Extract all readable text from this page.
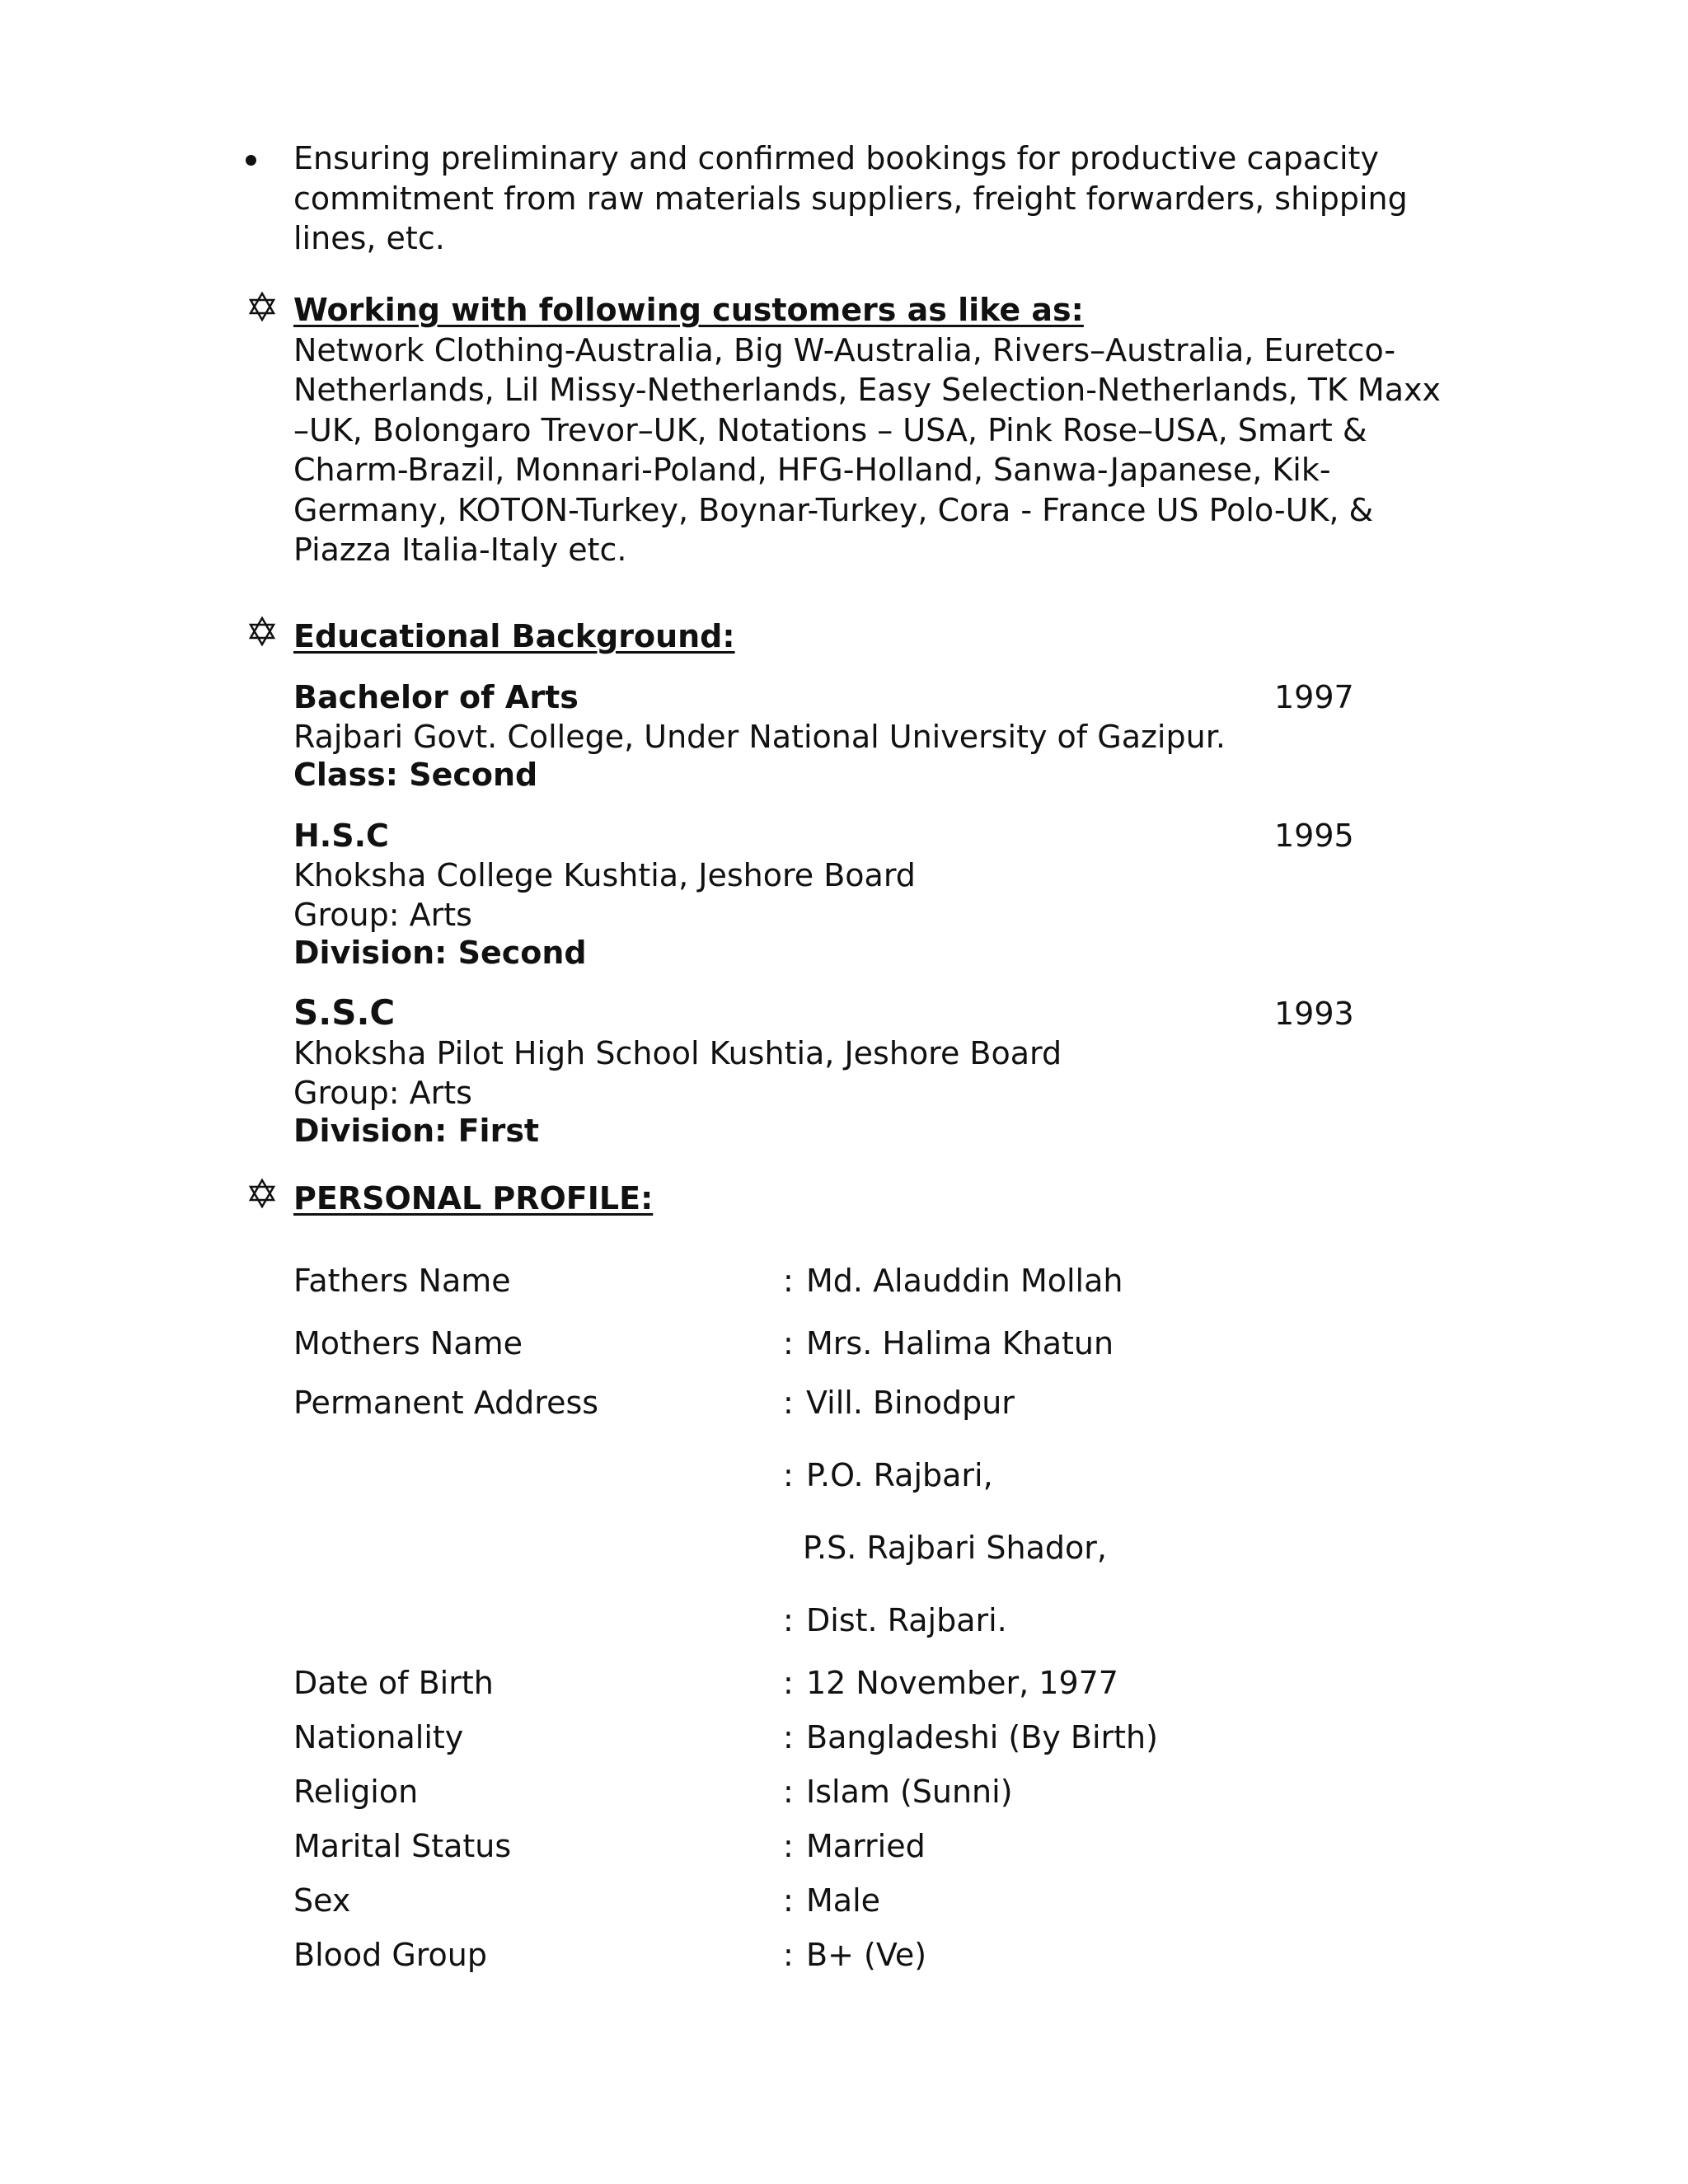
Ensuring preliminary and confirmed bookings for productive capacity
commitment from raw materials suppliers, freight forwarders, shipping
lines, etc.
Working with following customers as like as:
Network Clothing-Australia, Big W-Australia, Rivers–Australia, Euretco-
Netherlands, Lil Missy-Netherlands, Easy Selection-Netherlands, TK Maxx
–UK, Bolongaro Trevor–UK, Notations – USA, Pink Rose–USA, Smart &
Charm-Brazil, Monnari-Poland, HFG-Holland, Sanwa-Japanese, Kik-
Germany, KOTON-Turkey, Boynar-Turkey, Cora - France US Polo-UK, &
Piazza Italia-Italy etc.
Educational Background:
Bachelor of Arts	1997
Rajbari Govt. College, Under National University of Gazipur.
Class: Second
H.S.C	1995
Khoksha College Kushtia, Jeshore Board
Group: Arts
Division: Second
S.S.C	1993
Khoksha Pilot High School Kushtia, Jeshore Board
Group: Arts
Division: First
PERSONAL PROFILE:
Fathers Name	: Md. Alauddin Mollah
Mothers Name	: Mrs. Halima Khatun
Permanent Address	: Vill. Binodpur
: P.O. Rajbari,
P.S. Rajbari Shador,
: Dist. Rajbari.
Date of Birth	: 12 November, 1977
Nationality	: Bangladeshi (By Birth)
Religion	: Islam (Sunni)
Marital Status	: Married
Sex	: Male
Blood Group	: B+ (Ve)
